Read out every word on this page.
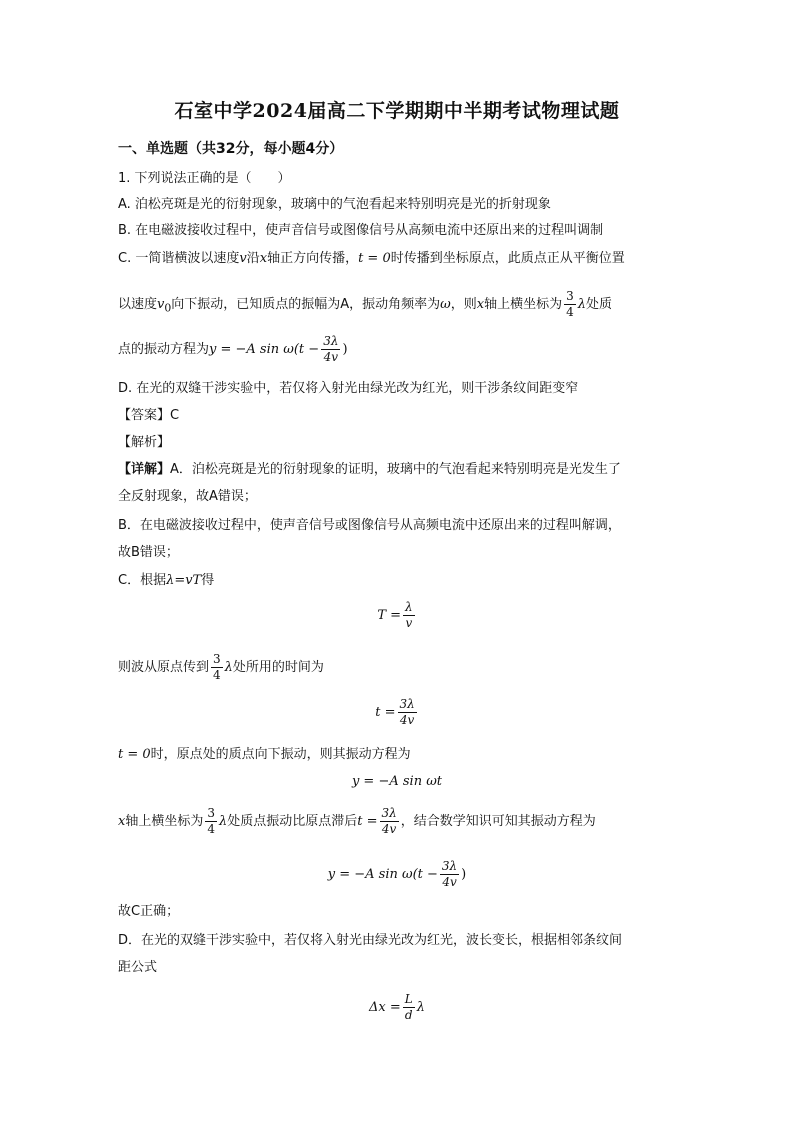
石室中学2024届高二下学期期中半期考试物理试题
一、单选题（共32分，每小题4分）
1. 下列说法正确的是（　　）
A. 泊松亮斑是光的衍射现象，玻璃中的气泡看起来特别明亮是光的折射现象
B. 在电磁波接收过程中，使声音信号或图像信号从高频电流中还原出来的过程叫调制
C. 一简谐横波以速度v沿x轴正方向传播，t = 0时传播到坐标原点，此质点正从平衡位置
以速度$v_0$向下振动，已知质点的振幅为A，振动角频率为ω，则x轴上横坐标为 $\frac{3}{4}$ λ处质
点的振动方程为y = −A $\sin \omega(t - \frac{3\lambda}{4v}$ )
D. 在光的双缝干涉实验中，若仅将入射光由绿光改为红光，则干涉条纹间距变窄
【答案】C
【解析】
【详解】A．泊松亮斑是光的衍射现象的证明，玻璃中的气泡看起来特别明亮是光发生了
全反射现象，故A错误；
B．在电磁波接收过程中，使声音信号或图像信号从高频电流中还原出来的过程叫解调，
故B错误；
C．根据λ=vT得
$T = \frac{\lambda}{v}$
则波从原点传到 $\frac{3}{4}$ λ处所用的时间为
$t = \frac{3\lambda}{4v}$
t = 0时，原点处的质点向下振动，则其振动方程为
y = −A sin ωt
x轴上横坐标为 $\frac{3}{4}$ λ处质点振动比原点滞后$t = \frac{3\lambda}{4v}$ ，结合数学知识可知其振动方程为
y = −A $\sin \omega(t - \frac{3\lambda}{4v}$ )
故C正确；
D．在光的双缝干涉实验中，若仅将入射光由绿光改为红光，波长变长，根据相邻条纹间
距公式
$\Delta x = \frac{L}{d}$ λ
